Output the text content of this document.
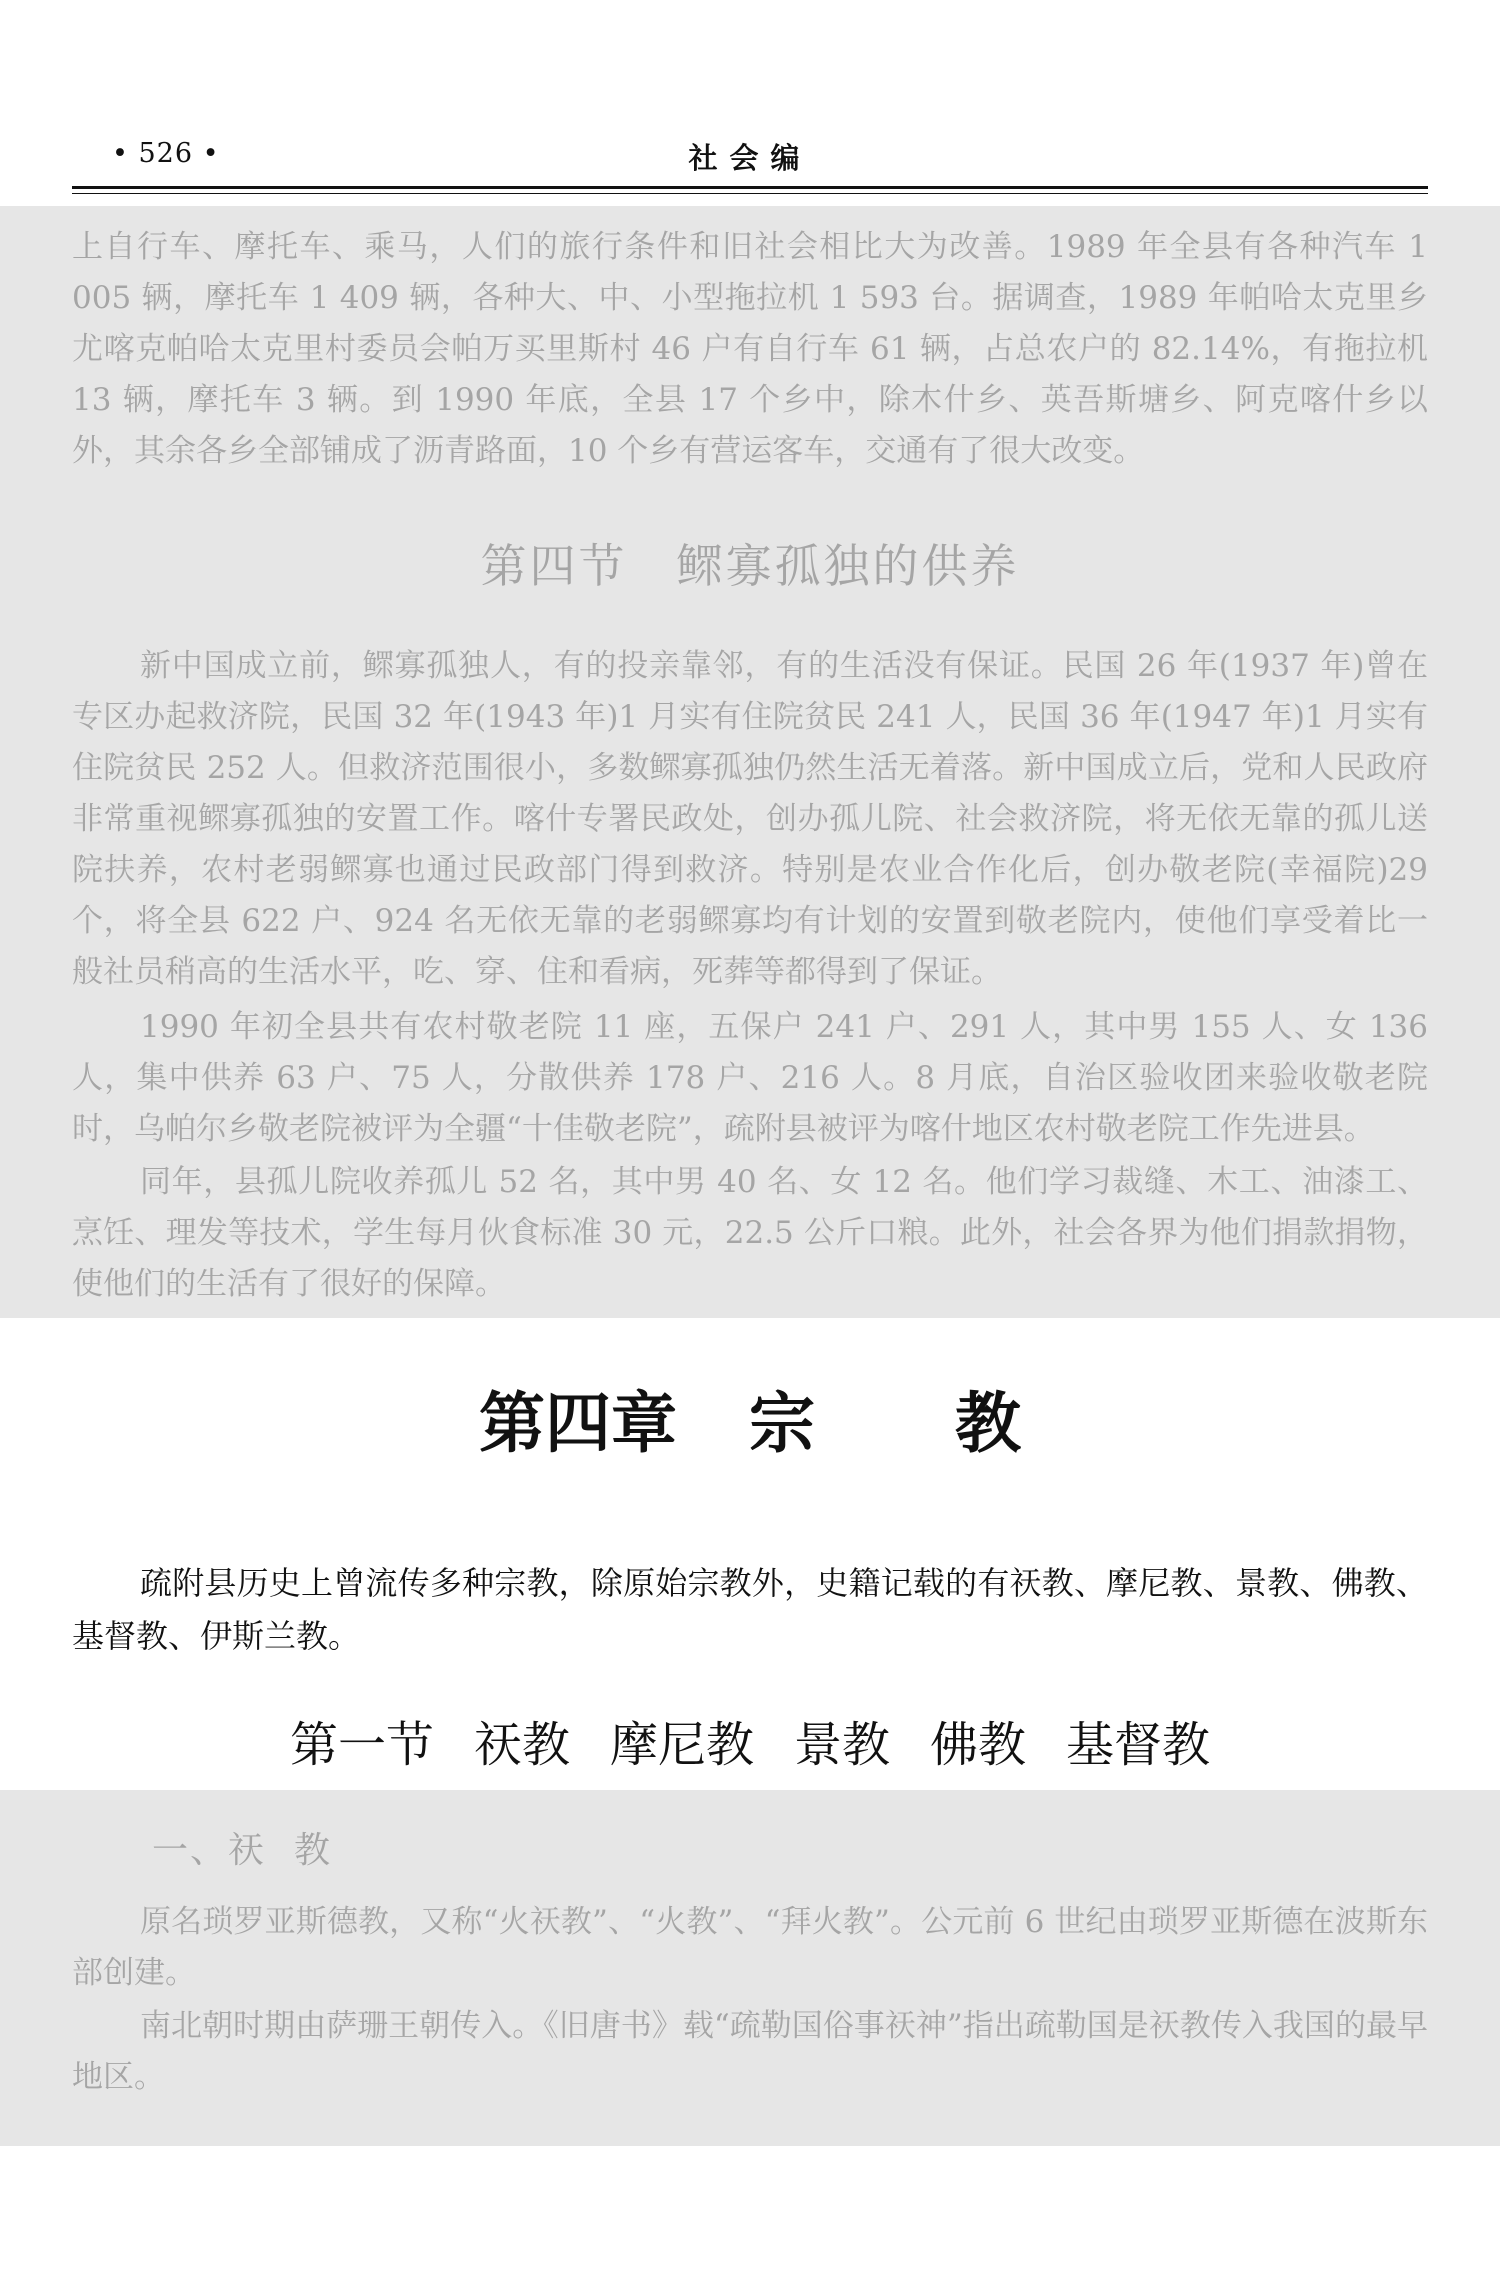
• 526 •	社会编

上自行车、摩托车、乘马，人们的旅行条件和旧社会相比大为改善。1989 年全县有各种汽车 1 005 辆，摩托车 1 409 辆，各种大、中、小型拖拉机 1 593 台。据调查，1989 年帕哈太克里乡尤喀克帕哈太克里村委员会帕万买里斯村 46 户有自行车 61 辆，占总农户的 82.14%，有拖拉机 13 辆，摩托车 3 辆。到 1990 年底，全县 17 个乡中，除木什乡、英吾斯塘乡、阿克喀什乡以外，其余各乡全部铺成了沥青路面，10 个乡有营运客车，交通有了很大改变。

第四节　鳏寡孤独的供养

新中国成立前，鳏寡孤独人，有的投亲靠邻，有的生活没有保证。民国 26 年(1937 年)曾在专区办起救济院，民国 32 年(1943 年)1 月实有住院贫民 241 人，民国 36 年(1947 年)1 月实有住院贫民 252 人。但救济范围很小，多数鳏寡孤独仍然生活无着落。新中国成立后，党和人民政府非常重视鳏寡孤独的安置工作。喀什专署民政处，创办孤儿院、社会救济院，将无依无靠的孤儿送院扶养，农村老弱鳏寡也通过民政部门得到救济。特别是农业合作化后，创办敬老院(幸福院)29 个，将全县 622 户、924 名无依无靠的老弱鳏寡均有计划的安置到敬老院内，使他们享受着比一般社员稍高的生活水平，吃、穿、住和看病，死葬等都得到了保证。

1990 年初全县共有农村敬老院 11 座，五保户 241 户、291 人，其中男 155 人、女 136 人，集中供养 63 户、75 人，分散供养 178 户、216 人。8 月底，自治区验收团来验收敬老院时，乌帕尔乡敬老院被评为全疆“十佳敬老院”，疏附县被评为喀什地区农村敬老院工作先进县。

同年，县孤儿院收养孤儿 52 名，其中男 40 名、女 12 名。他们学习裁缝、木工、油漆工、烹饪、理发等技术，学生每月伙食标准 30 元，22.5 公斤口粮。此外，社会各界为他们捐款捐物，使他们的生活有了很好的保障。

第四章 宗 教

疏附县历史上曾流传多种宗教，除原始宗教外，史籍记载的有祆教、摩尼教、景教、佛教、基督教、伊斯兰教。

第一节 祆教 摩尼教 景教 佛教 基督教
一、祆 教

原名琐罗亚斯德教，又称“火祆教”、“火教”、“拜火教”。公元前 6 世纪由琐罗亚斯德在波斯东部创建。

南北朝时期由萨珊王朝传入。《旧唐书》载“疏勒国俗事祆神”指出疏勒国是祆教传入我国的最早地区。
